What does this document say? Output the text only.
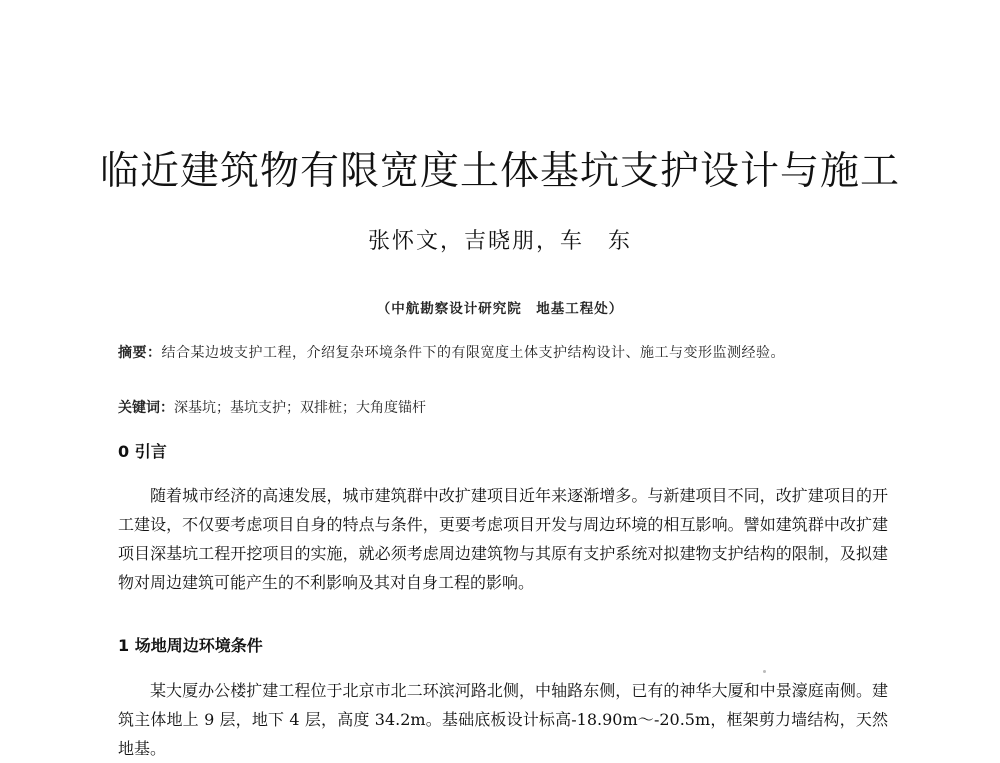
临近建筑物有限宽度土体基坑支护设计与施工
张怀文，吉晓朋，车　东
（中航勘察设计研究院　地基工程处）
摘要：结合某边坡支护工程，介绍复杂环境条件下的有限宽度土体支护结构设计、施工与变形监测经验。
关键词：深基坑；基坑支护；双排桩；大角度锚杆
0 引言

随着城市经济的高速发展，城市建筑群中改扩建项目近年来逐渐增多。与新建项目不同，改扩建项目的开工建设，不仅要考虑项目自身的特点与条件，更要考虑项目开发与周边环境的相互影响。譬如建筑群中改扩建项目深基坑工程开挖项目的实施，就必须考虑周边建筑物与其原有支护系统对拟建物支护结构的限制，及拟建物对周边建筑可能产生的不利影响及其对自身工程的影响。

1 场地周边环境条件

某大厦办公楼扩建工程位于北京市北二环滨河路北侧，中轴路东侧，已有的神华大厦和中景濠庭南侧。建筑主体地上 9 层，地下 4 层，高度 34.2m。基础底板设计标高-18.90m～-20.5m，框架剪力墙结构，天然地基。
